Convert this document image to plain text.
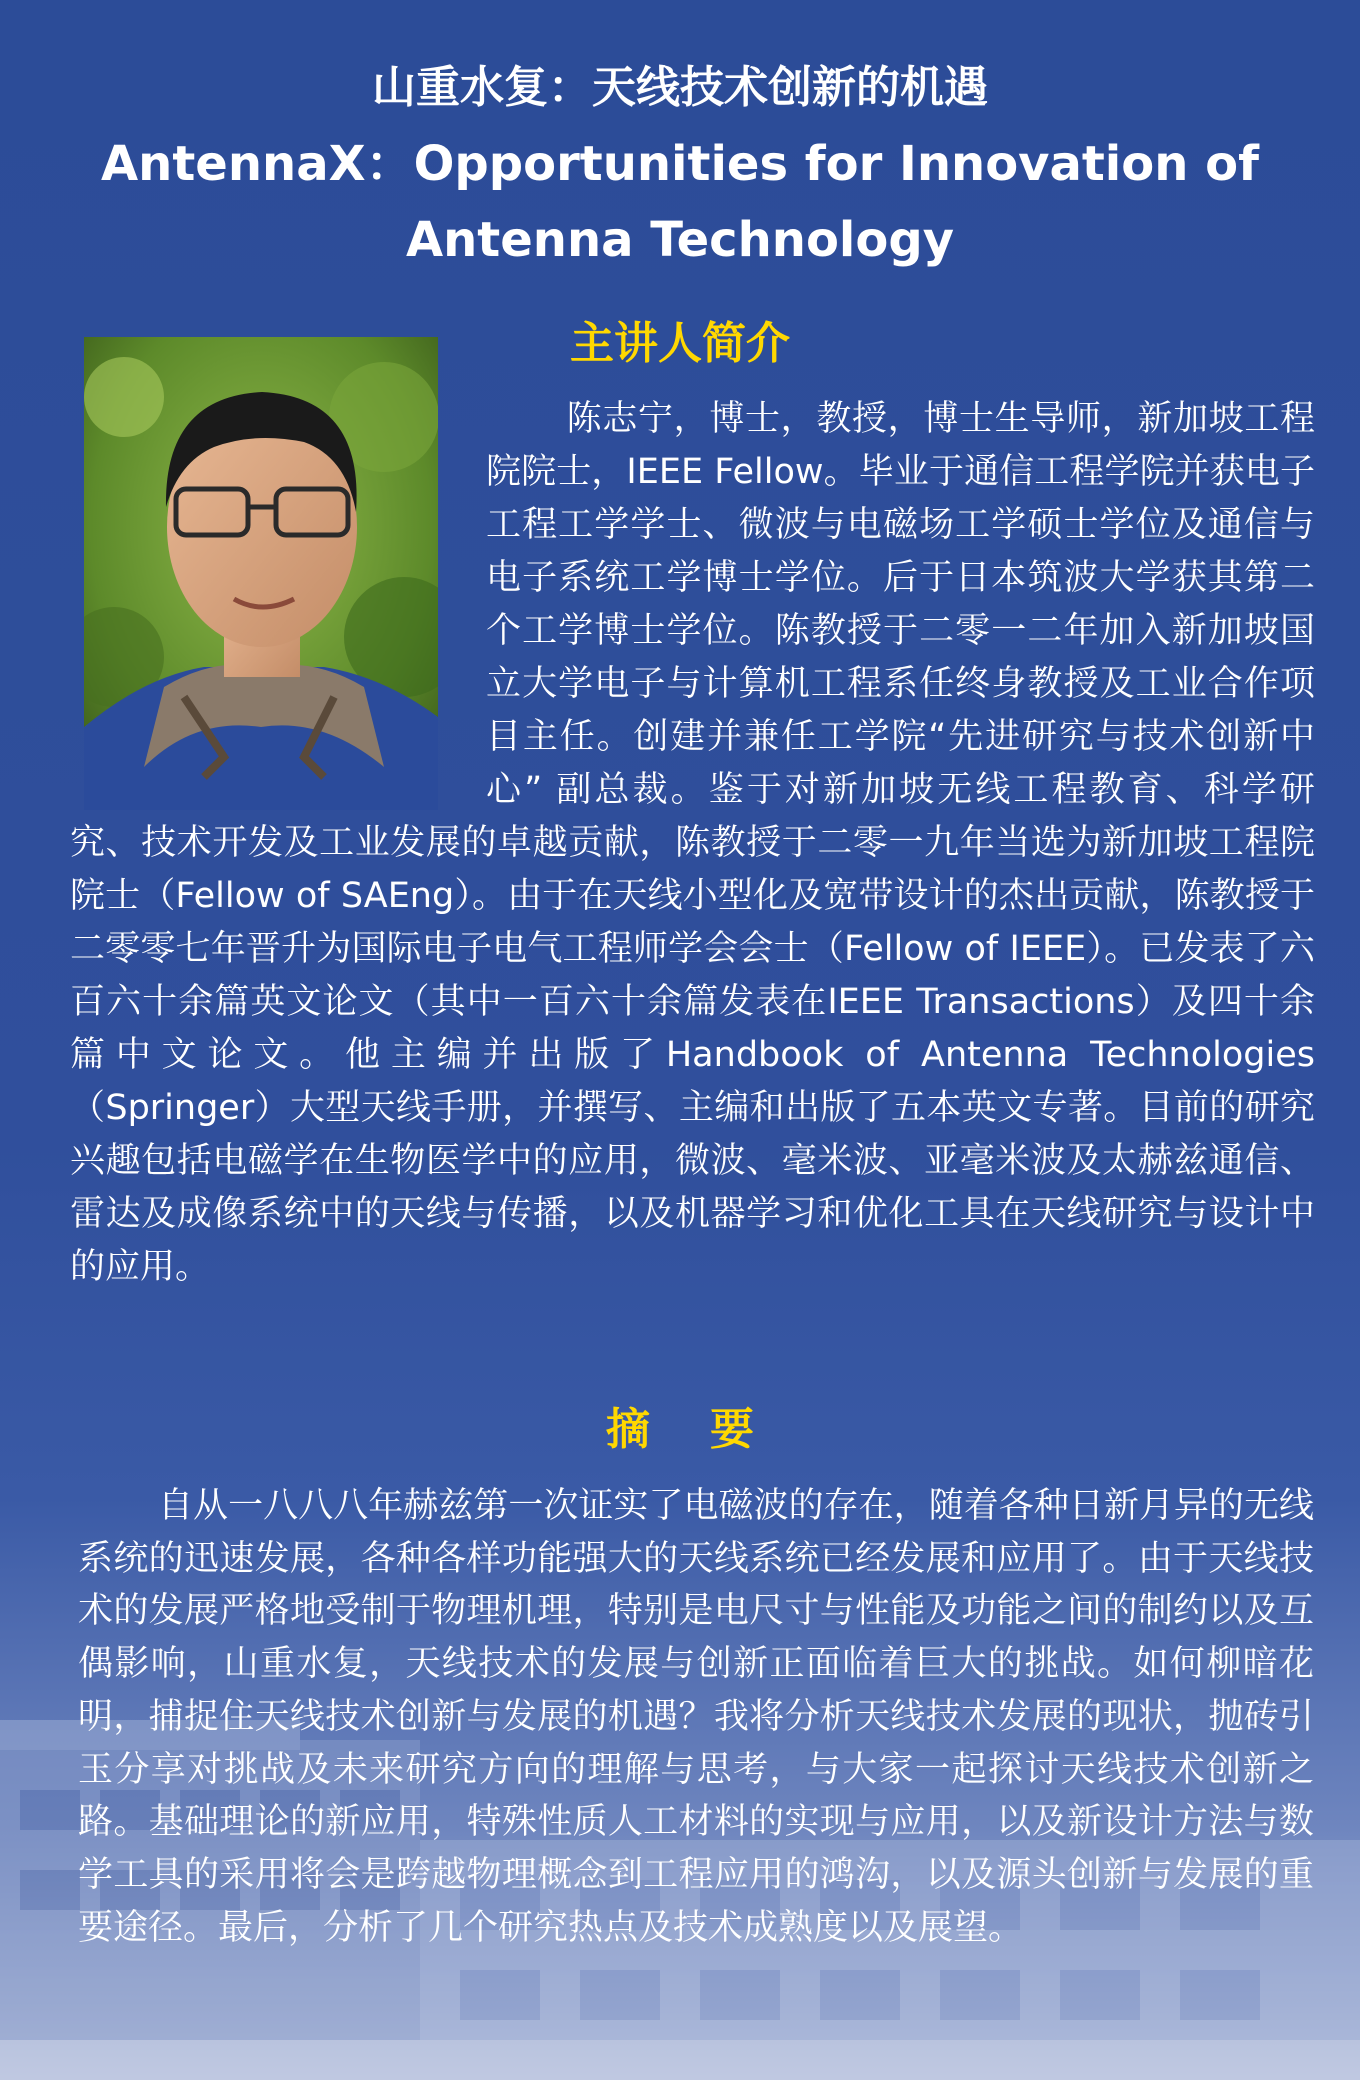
山重水复：天线技术创新的机遇
AntennaX：Opportunities for Innovation of Antenna Technology
主讲人简介

陈志宁，博士，教授，博士生导师，新加坡工程院院士，IEEE Fellow。毕业于通信工程学院并获电子工程工学学士、微波与电磁场工学硕士学位及通信与电子系统工学博士学位。后于日本筑波大学获其第二个工学博士学位。陈教授于二零一二年加入新加坡国立大学电子与计算机工程系任终身教授及工业合作项目主任。创建并兼任工学院“先进研究与技术创新中心” 副总裁。鉴于对新加坡无线工程教育、科学研究、技术开发及工业发展的卓越贡献，陈教授于二零一九年当选为新加坡工程院院士（Fellow of SAEng）。由于在天线小型化及宽带设计的杰出贡献，陈教授于二零零七年晋升为国际电子电气工程师学会会士（Fellow of IEEE）。已发表了六百六十余篇英文论文（其中一百六十余篇发表在IEEE Transactions）及四十余篇中文论文。他主编并出版了Handbook of Antenna Technologies（Springer）大型天线手册，并撰写、主编和出版了五本英文专著。目前的研究兴趣包括电磁学在生物医学中的应用，微波、毫米波、亚毫米波及太赫兹通信、雷达及成像系统中的天线与传播，以及机器学习和优化工具在天线研究与设计中的应用。

摘要

自从一八八八年赫兹第一次证实了电磁波的存在，随着各种日新月异的无线系统的迅速发展，各种各样功能强大的天线系统已经发展和应用了。由于天线技术的发展严格地受制于物理机理，特别是电尺寸与性能及功能之间的制约以及互偶影响，山重水复，天线技术的发展与创新正面临着巨大的挑战。如何柳暗花明，捕捉住天线技术创新与发展的机遇？我将分析天线技术发展的现状，抛砖引玉分享对挑战及未来研究方向的理解与思考，与大家一起探讨天线技术创新之路。基础理论的新应用，特殊性质人工材料的实现与应用，以及新设计方法与数学工具的采用将会是跨越物理概念到工程应用的鸿沟，以及源头创新与发展的重要途径。最后，分析了几个研究热点及技术成熟度以及展望。
